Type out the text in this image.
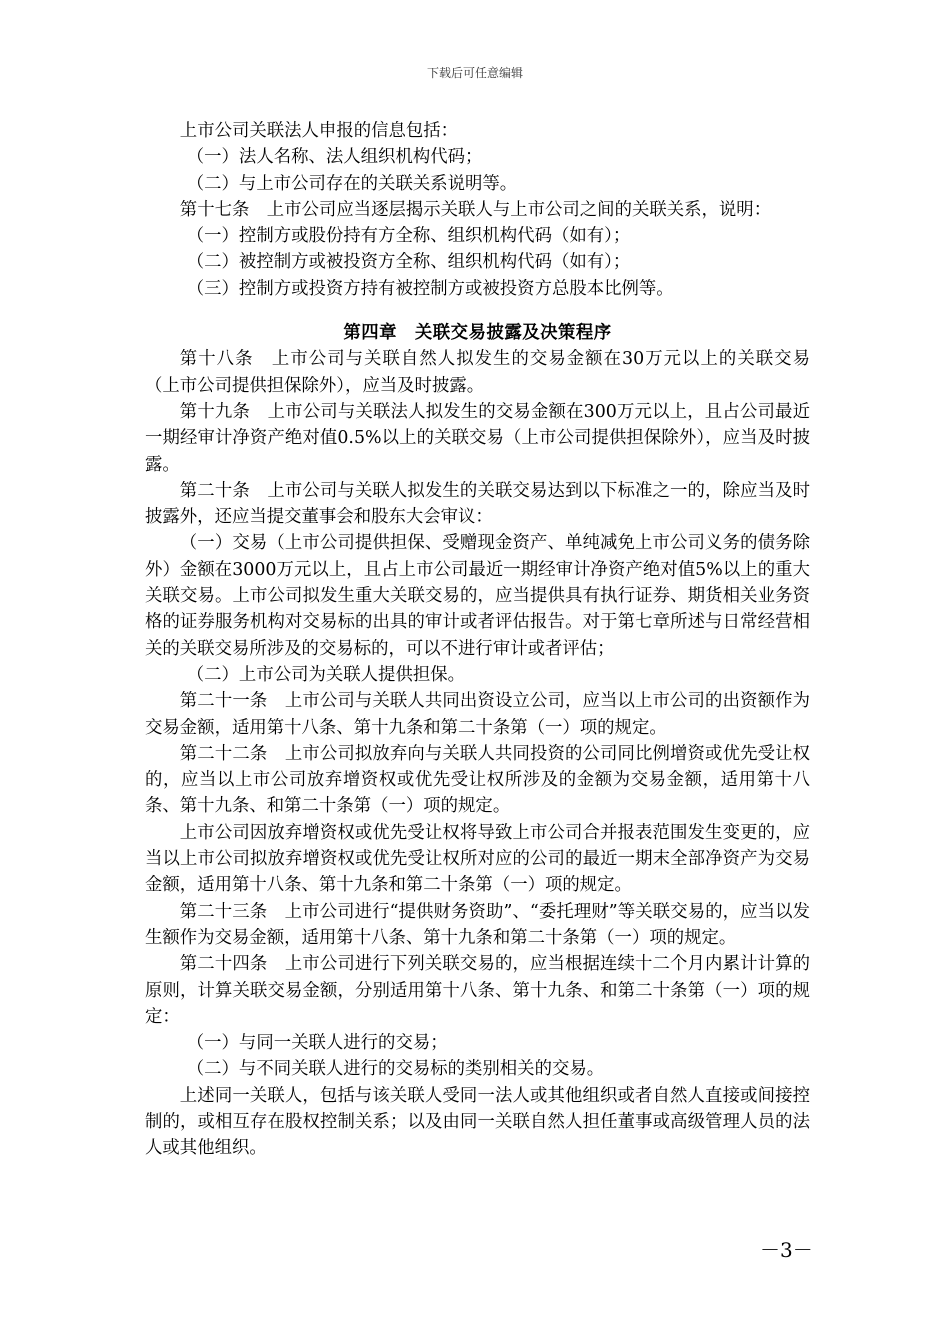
下载后可任意编辑

上市公司关联法人申报的信息包括：

（一）法人名称、法人组织机构代码；

（二）与上市公司存在的关联关系说明等。

第十七条　上市公司应当逐层揭示关联人与上市公司之间的关联关系，说明：

（一）控制方或股份持有方全称、组织机构代码（如有）；

（二）被控制方或被投资方全称、组织机构代码（如有）；

（三）控制方或投资方持有被控制方或被投资方总股本比例等。

第四章　关联交易披露及决策程序

第十八条　上市公司与关联自然人拟发生的交易金额在30万元以上的关联交易（上市公司提供担保除外），应当及时披露。

第十九条　上市公司与关联法人拟发生的交易金额在300万元以上，且占公司最近一期经审计净资产绝对值0.5%以上的关联交易（上市公司提供担保除外），应当及时披露。

第二十条　上市公司与关联人拟发生的关联交易达到以下标准之一的，除应当及时披露外，还应当提交董事会和股东大会审议：

（一）交易（上市公司提供担保、受赠现金资产、单纯减免上市公司义务的债务除外）金额在3000万元以上，且占上市公司最近一期经审计净资产绝对值5%以上的重大关联交易。上市公司拟发生重大关联交易的，应当提供具有执行证券、期货相关业务资格的证券服务机构对交易标的出具的审计或者评估报告。对于第七章所述与日常经营相关的关联交易所涉及的交易标的，可以不进行审计或者评估；

（二）上市公司为关联人提供担保。

第二十一条　上市公司与关联人共同出资设立公司，应当以上市公司的出资额作为交易金额，适用第十八条、第十九条和第二十条第（一）项的规定。

第二十二条　上市公司拟放弃向与关联人共同投资的公司同比例增资或优先受让权的，应当以上市公司放弃增资权或优先受让权所涉及的金额为交易金额，适用第十八条、第十九条、和第二十条第（一）项的规定。

上市公司因放弃增资权或优先受让权将导致上市公司合并报表范围发生变更的，应当以上市公司拟放弃增资权或优先受让权所对应的公司的最近一期末全部净资产为交易金额，适用第十八条、第十九条和第二十条第（一）项的规定。

第二十三条　上市公司进行“提供财务资助”、“委托理财”等关联交易的，应当以发生额作为交易金额，适用第十八条、第十九条和第二十条第（一）项的规定。

第二十四条　上市公司进行下列关联交易的，应当根据连续十二个月内累计计算的原则，计算关联交易金额，分别适用第十八条、第十九条、和第二十条第（一）项的规定：

（一）与同一关联人进行的交易；

（二）与不同关联人进行的交易标的类别相关的交易。

上述同一关联人，包括与该关联人受同一法人或其他组织或者自然人直接或间接控制的，或相互存在股权控制关系；以及由同一关联自然人担任董事或高级管理人员的法人或其他组织。

－3－
